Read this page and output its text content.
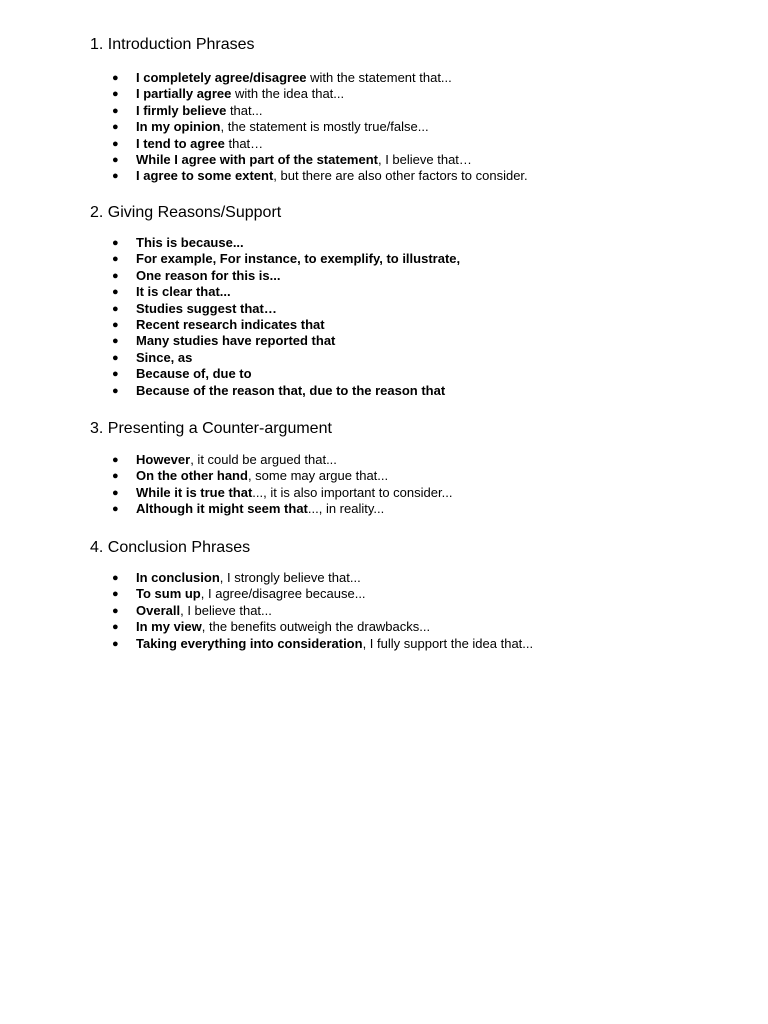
1. Introduction Phrases
● I completely agree/disagree with the statement that...
● I partially agree with the idea that...
● I firmly believe that...
● In my opinion, the statement is mostly true/false...
● I tend to agree that…
● While I agree with part of the statement, I believe that…
● I agree to some extent, but there are also other factors to consider.
2. Giving Reasons/Support
● This is because...
● For example, For instance, to exemplify, to illustrate,
● One reason for this is...
● It is clear that...
● Studies suggest that…
● Recent research indicates that
● Many studies have reported that
● Since, as
● Because of, due to
● Because of the reason that, due to the reason that
3. Presenting a Counter-argument
● However, it could be argued that...
● On the other hand, some may argue that...
● While it is true that..., it is also important to consider...
● Although it might seem that..., in reality...
4. Conclusion Phrases
● In conclusion, I strongly believe that...
● To sum up, I agree/disagree because...
● Overall, I believe that...
● In my view, the benefits outweigh the drawbacks...
● Taking everything into consideration, I fully support the idea that...
